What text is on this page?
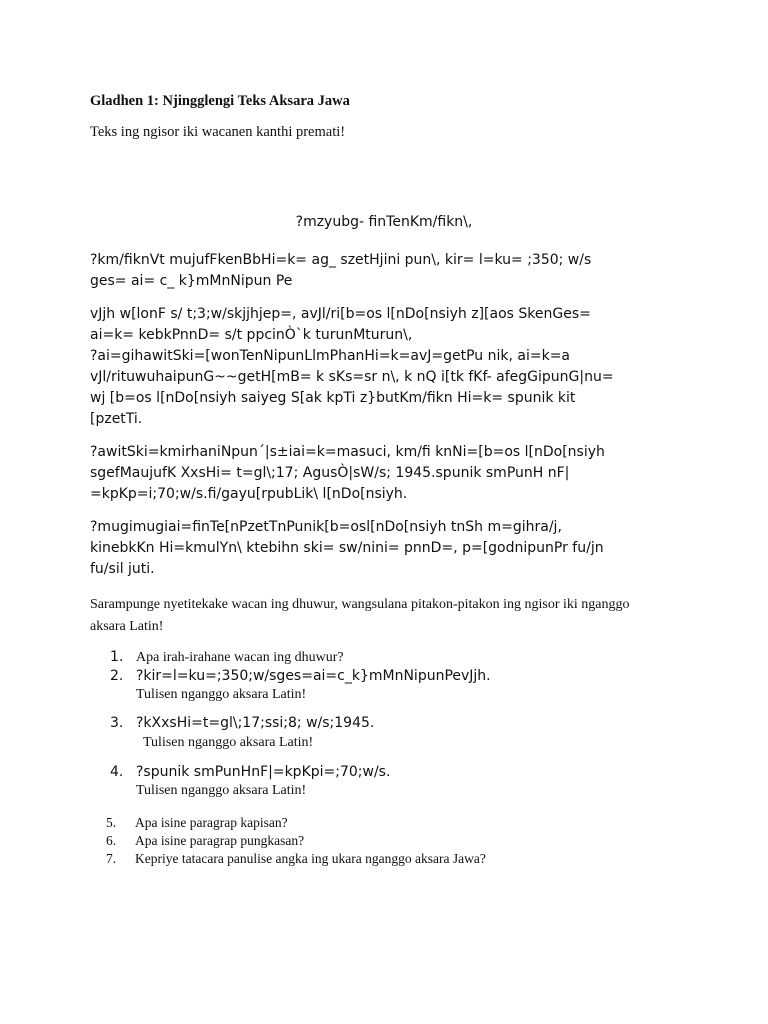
Gladhen 1: Njingglengi Teks Aksara Jawa
Teks ing ngisor iki wacanen kanthi premati!
?mzyubg- finTenKm/fikn\,
?km/fiknVt mujufFkenBbHi=k= ag_ szetHjini pun\, kir= l=ku= ;350; w/s
ges= ai= c_ k}mMnNipun Pe
vJjh w[lonF s/ t;3;w/skjjhjep=, avJl/ri[b=os l[nDo[nsiyh z][aos SkenGes=
ai=k= kebkPnnD= s/t ppcinÒ`k turunMturun\,
?ai=gihawitSki=[wonTenNipunLlmPhanHi=k=avJ=getPu nik, ai=k=a
vJl/rituwuhaipunG~~getH[mB= k sKs=sr n\, k nQ i[tk fKf- afegGipunG|nu=
wj [b=os l[nDo[nsiyh saiyeg S[ak kpTi z}butKm/fikn Hi=k= spunik kit
[pzetTi.
?awitSki=kmirhaniNpun´|s±iai=k=masuci, km/fi knNi=[b=os l[nDo[nsiyh
sgefMaujufK XxsHi= t=gl\;17; AgusÒ|sW/s; 1945.spunik smPunH nF|
=kpKp=i;70;w/s.fi/gayu[rpubLik\ l[nDo[nsiyh.
?mugimugiai=finTe[nPzetTnPunik[b=osl[nDo[nsiyh tnSh m=gihra/j,
kinebkKn Hi=kmulYn\ ktebihn ski= sw/nini= pnnD=, p=[godnipunPr fu/jn
fu/sil juti.
Sarampunge nyetitekake wacan ing dhuwur, wangsulana pitakon-pitakon ing ngisor iki nganggo
aksara Latin!
1. Apa irah-irahane wacan ing dhuwur?
2. ?kir=l=ku=;350;w/sges=ai=c_k}mMnNipunPevJjh.
Tulisen nganggo aksara Latin!
3. ?kXxsHi=t=gl\;17;ssi;8; w/s;1945.
Tulisen nganggo aksara Latin!
4. ?spunik smPunHnF|=kpKpi=;70;w/s.
Tulisen nganggo aksara Latin!
5. Apa isine paragrap kapisan?
6. Apa isine paragrap pungkasan?
7. Kepriye tatacara panulise angka ing ukara nganggo aksara Jawa?
